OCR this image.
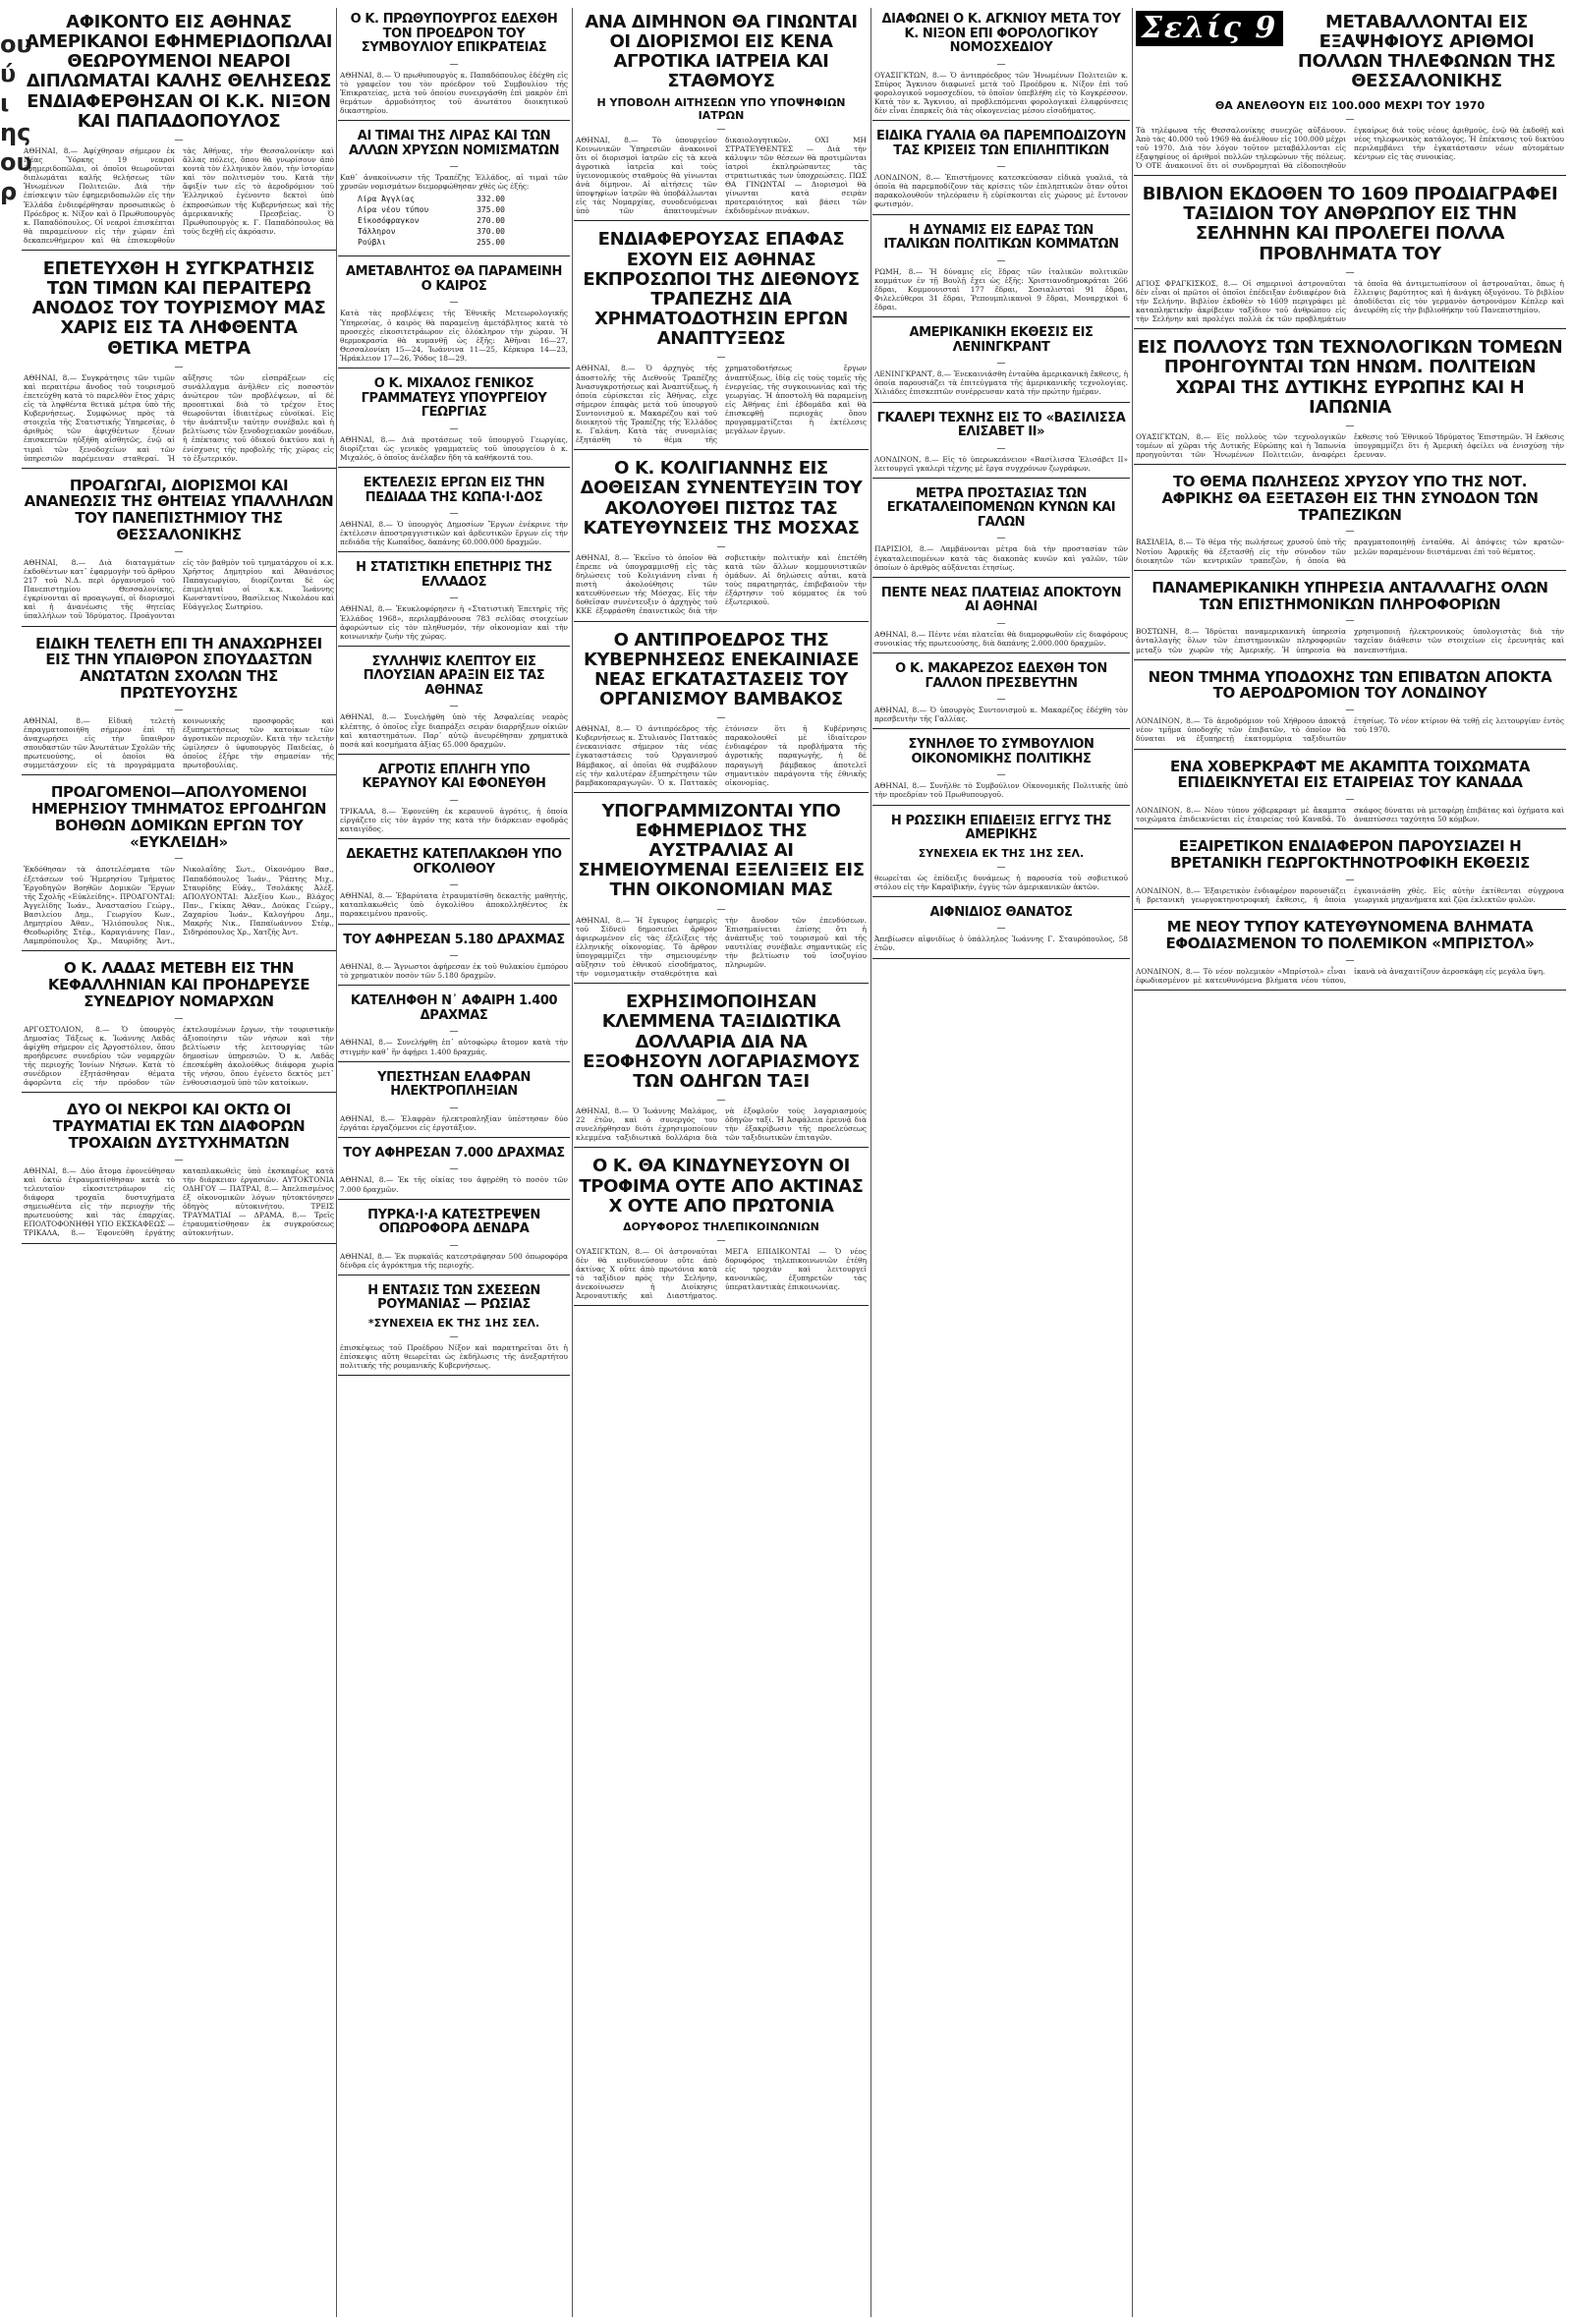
ου
ύ
ι
ης
ου
ρ
ΑΦΙΚΟΝΤΟ ΕΙΣ ΑΘΗΝΑΣ ΑΜΕΡΙΚΑΝΟΙ ΕΦΗΜΕΡΙΔΟΠΩΛΑΙ ΘΕΩΡΟΥΜΕΝΟΙ ΝΕΑΡΟΙ ΔΙΠΛΩΜΑΤΑΙ ΚΑΛΗΣ ΘΕΛΗΣΕΩΣ ΕΝΔΙΑΦΕΡΘΗΣΑΝ ΟΙ Κ.Κ. ΝΙΞΟΝ ΚΑΙ ΠΑΠΑΔΟΠΟΥΛΟΣ
—

ΑΘΗΝΑΙ, 8.— Ἀφίχθησαν σήμερον ἐκ Νέας Ὑόρκης 19 νεαροί ἐφημεριδοπῶλαι, οἱ ὁποῖοι θεωροῦνται διπλωμάται καλῆς θελήσεως τῶν Ἡνωμένων Πολιτειῶν. Διὰ τὴν ἐπίσκεψιν τῶν ἐφημεριδοπωλῶν εἰς τὴν Ἑλλάδα ἐνδιεφέρθησαν προσωπικῶς ὁ Πρόεδρος κ. Νίξον καὶ ὁ Πρωθυπουργὸς κ. Παπαδόπουλος. Οἱ νεαροὶ ἐπισκέπται θὰ παραμείνουν εἰς τὴν χώραν ἐπὶ δεκαπενθήμερον καὶ θὰ ἐπισκεφθοῦν τὰς Ἀθήνας, τὴν Θεσσαλονίκην καὶ ἄλλας πόλεις, ὅπου θὰ γνωρίσουν ἀπὸ κοντὰ τὸν ἑλληνικὸν λαόν, τὴν ἱστορίαν καὶ τὸν πολιτισμὸν του. Κατὰ τὴν ἄφιξίν των εἰς τὸ ἀεροδρόμιον τοῦ Ἑλληνικοῦ ἐγένοντο δεκτοὶ ὑπὸ ἐκπροσώπων τῆς Κυβερνήσεως καὶ τῆς ἀμερικανικῆς Πρεσβείας. Ὁ Πρωθυπουργὸς κ. Γ. Παπαδόπουλος θὰ τοὺς δεχθῇ εἰς ἀκρόασιν.

ΕΠΕΤΕΥΧΘΗ Η ΣΥΓΚΡΑΤΗΣΙΣ ΤΩΝ ΤΙΜΩΝ ΚΑΙ ΠΕΡΑΙΤΕΡΩ ΑΝΟΔΟΣ ΤΟΥ ΤΟΥΡΙΣΜΟΥ ΜΑΣ ΧΑΡΙΣ ΕΙΣ ΤΑ ΛΗΦΘΕΝΤΑ ΘΕΤΙΚΑ ΜΕΤΡΑ
—

ΑΘΗΝΑΙ, 8.— Συγκράτησις τῶν τιμῶν καὶ περαιτέρω ἄνοδος τοῦ τουρισμοῦ ἐπετεύχθη κατὰ τὸ παρελθὸν ἔτος χάρις εἰς τὰ ληφθέντα θετικὰ μέτρα ὑπὸ τῆς Κυβερνήσεως. Συμφώνως πρὸς τὰ στοιχεῖα τῆς Στατιστικῆς Ὑπηρεσίας, ὁ ἀριθμὸς τῶν ἀφιχθέντων ξένων ἐπισκεπτῶν ηὐξήθη αἰσθητῶς, ἐνῷ αἱ τιμαὶ τῶν ξενοδοχείων καὶ τῶν ὑπηρεσιῶν παρέμειναν σταθεραί. Ἡ αὔξησις τῶν εἰσπράξεων εἰς συνάλλαγμα ἀνῆλθεν εἰς ποσοστὸν ἀνώτερον τῶν προβλέψεων, αἱ δὲ προοπτικαὶ διὰ τὸ τρέχον ἔτος θεωροῦνται ἰδιαιτέρως εὐνοϊκαί. Εἰς τὴν ἀνάπτυξιν ταύτην συνέβαλε καὶ ἡ βελτίωσις τῶν ξενοδοχειακῶν μονάδων, ἡ ἐπέκτασις τοῦ ὁδικοῦ δικτύου καὶ ἡ ἐνίσχυσις τῆς προβολῆς τῆς χώρας εἰς τὸ ἐξωτερικόν.

ΠΡΟΑΓΩΓΑΙ, ΔΙΟΡΙΣΜΟΙ ΚΑΙ ΑΝΑΝΕΩΣΙΣ ΤΗΣ ΘΗΤΕΙΑΣ ΥΠΑΛΛΗΛΩΝ ΤΟΥ ΠΑΝΕΠΙΣΤΗΜΙΟΥ ΤΗΣ ΘΕΣΣΑΛΟΝΙΚΗΣ
—

ΑΘΗΝΑΙ, 8.— Διὰ διαταγμάτων ἐκδοθέντων κατ᾽ ἐφαρμογὴν τοῦ ἄρθρου 217 τοῦ Ν.Δ. περὶ ὀργανισμοῦ τοῦ Πανεπιστημίου Θεσσαλονίκης, ἐγκρίνονται αἱ προαγωγαί, οἱ διορισμοὶ καὶ ἡ ἀνανέωσις τῆς θητείας ὑπαλλήλων τοῦ Ἱδρύματος. Προάγονται εἰς τὸν βαθμὸν τοῦ τμηματάρχου οἱ κ.κ. Χρῆστος Δημητρίου καὶ Ἀθανάσιος Παπαγεωργίου, διορίζονται δὲ ὡς ἐπιμεληταὶ οἱ κ.κ. Ἰωάννης Κωνσταντίνου, Βασίλειος Νικολάου καὶ Εὐάγγελος Σωτηρίου.

ΕΙΔΙΚΗ ΤΕΛΕΤΗ ΕΠΙ ΤΗ ΑΝΑΧΩΡΗΣΕΙ ΕΙΣ ΤΗΝ ΥΠΑΙΘΡΟΝ ΣΠΟΥΔΑΣΤΩΝ ΑΝΩΤΑΤΩΝ ΣΧΟΛΩΝ ΤΗΣ ΠΡΩΤΕΥΟΥΣΗΣ
—

ΑΘΗΝΑΙ, 8.— Εἰδικὴ τελετὴ ἐπραγματοποιήθη σήμερον ἐπὶ τῇ ἀναχωρήσει εἰς τὴν ὕπαιθρον σπουδαστῶν τῶν Ἀνωτάτων Σχολῶν τῆς πρωτευούσης, οἱ ὁποῖοι θὰ συμμετάσχουν εἰς τὰ προγράμματα κοινωνικῆς προσφορᾶς καὶ ἐξυπηρετήσεως τῶν κατοίκων τῶν ἀγροτικῶν περιοχῶν. Κατὰ τὴν τελετὴν ὡμίλησεν ὁ ὑφυπουργὸς Παιδείας, ὁ ὁποῖος ἐξῆρε τὴν σημασίαν τῆς πρωτοβουλίας.

ΠΡΟΑΓΟΜΕΝΟΙ—ΑΠΟΛΥΟΜΕΝΟΙ ΗΜΕΡΗΣΙΟΥ ΤΜΗΜΑΤΟΣ ΕΡΓΟΔΗΓΩΝ ΒΟΗΘΩΝ ΔΟΜΙΚΩΝ ΕΡΓΩΝ ΤΟΥ «ΕΥΚΛΕΙΔΗ»
—

Ἐκδόθησαν τὰ ἀποτελέσματα τῶν ἐξετάσεων τοῦ Ἡμερησίου Τμήματος Ἐργοδηγῶν Βοηθῶν Δομικῶν Ἔργων τῆς Σχολῆς «Εὐκλείδης». ΠΡΟΑΓΟΝΤΑΙ: Ἀγγελίδης Ἰωάν., Ἀναστασίου Γεώργ., Βασιλείου Δημ., Γεωργίου Κων., Δημητρίου Ἀθαν., Ἠλιόπουλος Νικ., Θεοδωρίδης Στέφ., Καραγιάννης Παν., Λαμπρόπουλος Χρ., Μαυρίδης Ἀντ., Νικολαΐδης Σωτ., Οἰκονόμου Βασ., Παπαδόπουλος Ἰωάν., Ῥάπτης Μιχ., Σταυρίδης Εὐάγ., Τσολάκης Ἀλέξ. ΑΠΟΛΥΟΝΤΑΙ: Ἀλεξίου Κων., Βλάχος Παν., Γκίκας Ἀθαν., Δούκας Γεώργ., Ζαχαρίου Ἰωάν., Καλογήρου Δημ., Μακρῆς Νικ., Παπαϊωάννου Στέφ., Σιδηρόπουλος Χρ., Χατζῆς Ἀντ.

Ο Κ. ΛΑΔΑΣ ΜΕΤΕΒΗ ΕΙΣ ΤΗΝ ΚΕΦΑΛΛΗΝΙΑΝ ΚΑΙ ΠΡΟΗΔΡΕΥΣΕ ΣΥΝΕΔΡΙΟΥ ΝΟΜΑΡΧΩΝ
—

ΑΡΓΟΣΤΟΛΙΟΝ, 8.— Ὁ ὑπουργὸς Δημοσίας Τάξεως κ. Ἰωάννης Λαδᾶς ἀφίχθη σήμερον εἰς Ἀργοστόλιον, ὅπου προήδρευσε συνεδρίου τῶν νομαρχῶν τῆς περιοχῆς Ἰονίων Νήσων. Κατὰ τὸ συνέδριον ἐξητάσθησαν θέματα ἀφορῶντα εἰς τὴν πρόοδον τῶν ἐκτελουμένων ἔργων, τὴν τουριστικὴν ἀξιοποίησιν τῶν νήσων καὶ τὴν βελτίωσιν τῆς λειτουργίας τῶν δημοσίων ὑπηρεσιῶν. Ὁ κ. Λαδᾶς ἐπεσκέφθη ἀκολούθως διάφορα χωρία τῆς νήσου, ὅπου ἐγένετο δεκτὸς μετ᾽ ἐνθουσιασμοῦ ὑπὸ τῶν κατοίκων.

ΔΥΟ ΟΙ ΝΕΚΡΟΙ ΚΑΙ ΟΚΤΩ ΟΙ ΤΡΑΥΜΑΤΙΑΙ ΕΚ ΤΩΝ ΔΙΑΦΟΡΩΝ ΤΡΟΧΑΙΩΝ ΔΥΣΤΥΧΗΜΑΤΩΝ
—

ΑΘΗΝΑΙ, 8.— Δύο ἄτομα ἐφονεύθησαν καὶ ὀκτὼ ἐτραυματίσθησαν κατὰ τὸ τελευταῖον εἰκοσιτετράωρον εἰς διάφορα τροχαῖα δυστυχήματα σημειωθέντα εἰς τὴν περιοχὴν τῆς πρωτευούσης καὶ τὰς ἐπαρχίας. ΕΠΟΛΤΟΦΟΝΗΘΗ ΥΠΟ ΕΚΣΚΑΦΕΩΣ — ΤΡΙΚΑΛΑ, 8.— Ἐφονεύθη ἐργάτης καταπλακωθεὶς ὑπὸ ἐκσκαφέως κατὰ τὴν διάρκειαν ἐργασιῶν. ΑΥΤΟΚΤΟΝΙΑ ΟΔΗΓΟΥ — ΠΑΤΡΑΙ, 8.— Ἀπελπισμένος ἐξ οἰκονομικῶν λόγων ηὐτοκτόνησεν ὁδηγὸς αὐτοκινήτου. ΤΡΕΙΣ ΤΡΑΥΜΑΤΙΑΙ — ΔΡΑΜΑ, 8.— Τρεῖς ἐτραυματίσθησαν ἐκ συγκρούσεως αὐτοκινήτων.

Ο Κ. ΠΡΩΘΥΠΟΥΡΓΟΣ ΕΔΕΧΘΗ ΤΟΝ ΠΡΟΕΔΡΟΝ ΤΟΥ ΣΥΜΒΟΥΛΙΟΥ ΕΠΙΚΡΑΤΕΙΑΣ
—

ΑΘΗΝΑΙ, 8.— Ὁ πρωθυπουργὸς κ. Παπαδόπουλος ἐδέχθη εἰς τὸ γραφεῖον του τὸν πρόεδρον τοῦ Συμβουλίου τῆς Ἐπικρατείας, μετὰ τοῦ ὁποίου συνειργάσθη ἐπὶ μακρὸν ἐπὶ θεμάτων ἀρμοδιότητος τοῦ ἀνωτάτου διοικητικοῦ δικαστηρίου.

ΑΙ ΤΙΜΑΙ ΤΗΣ ΛΙΡΑΣ ΚΑΙ ΤΩΝ ΑΛΛΩΝ ΧΡΥΣΩΝ ΝΟΜΙΣΜΑΤΩΝ
—

Καθ᾽ ἀνακοίνωσιν τῆς Τραπέζης Ἑλλάδος, αἱ τιμαὶ τῶν χρυσῶν νομισμάτων διεμορφώθησαν χθὲς ὡς ἑξῆς:

Λίρα Ἀγγλίας	332.00
Λίρα νέου τύπου	375.00
Εἰκοσόφραγκον	270.00
Τάλληρον	370.00
Ρούβλι	255.00
ΑΜΕΤΑΒΛΗΤΟΣ ΘΑ ΠΑΡΑΜΕΙΝΗ Ο ΚΑΙΡΟΣ
—

Κατὰ τὰς προβλέψεις τῆς Ἐθνικῆς Μετεωρολογικῆς Ὑπηρεσίας, ὁ καιρὸς θὰ παραμείνῃ ἀμετάβλητος κατὰ τὸ προσεχὲς εἰκοσιτετράωρον εἰς ὁλόκληρον τὴν χώραν. Ἡ θερμοκρασία θὰ κυμανθῇ ὡς ἑξῆς: Ἀθῆναι 16—27, Θεσσαλονίκη 15—24, Ἰωάννινα 11—25, Κέρκυρα 14—23, Ἡράκλειον 17—26, Ῥόδος 18—29.

Ο Κ. ΜΙΧΑΛΟΣ ΓΕΝΙΚΟΣ ΓΡΑΜΜΑΤΕΥΣ ΥΠΟΥΡΓΕΙΟΥ ΓΕΩΡΓΙΑΣ
—

ΑΘΗΝΑΙ, 8.— Διὰ προτάσεως τοῦ ὑπουργοῦ Γεωργίας, διορίζεται ὡς γενικὸς γραμματεὺς τοῦ ὑπουργείου ὁ κ. Μιχαλός, ὁ ὁποῖος ἀνέλαβεν ἤδη τὰ καθήκοντά του.

ΕΚΤΕΛΕΣΙΣ ΕΡΓΩΝ ΕΙΣ ΤΗΝ ΠΕΔΙΑΔΑ ΤΗΣ ΚΩΠΑ·Ι·ΔΟΣ
—

ΑΘΗΝΑΙ, 8.— Ὁ ὑπουργὸς Δημοσίων Ἔργων ἐνέκρινε τὴν ἐκτέλεσιν ἀποστραγγιστικῶν καὶ ἀρδευτικῶν ἔργων εἰς τὴν πεδιάδα τῆς Κωπαΐδος, δαπάνης 60.000.000 δραχμῶν.

Η ΣΤΑΤΙΣΤΙΚΗ ΕΠΕΤΗΡΙΣ ΤΗΣ ΕΛΛΑΔΟΣ
—

ΑΘΗΝΑΙ, 8.— Ἐκυκλοφόρησεν ἡ «Στατιστικὴ Ἐπετηρὶς τῆς Ἑλλάδος 1968», περιλαμβάνουσα 783 σελίδας στοιχείων ἀφορώντων εἰς τὸν πληθυσμόν, τὴν οἰκονομίαν καὶ τὴν κοινωνικὴν ζωὴν τῆς χώρας.

ΣΥΛΛΗΨΙΣ ΚΛΕΠΤΟΥ ΕΙΣ ΠΛΟΥΣΙΑΝ ΑΡΑΞΙΝ ΕΙΣ ΤΑΣ ΑΘΗΝΑΣ
—

ΑΘΗΝΑΙ, 8.— Συνελήφθη ὑπὸ τῆς Ἀσφαλείας νεαρὸς κλέπτης, ὁ ὁποῖος εἶχε διαπράξει σειρὰν διαρρήξεων οἰκιῶν καὶ καταστημάτων. Παρ᾽ αὐτῷ ἀνευρέθησαν χρηματικὰ ποσὰ καὶ κοσμήματα ἀξίας 65.000 δραχμῶν.

ΑΓΡΟΤΙΣ ΕΠΛΗΓΗ ΥΠΟ ΚΕΡΑΥΝΟΥ ΚΑΙ ΕΦΟΝΕΥΘΗ
—

ΤΡΙΚΑΛΑ, 8.— Ἐφονεύθη ἐκ κεραυνοῦ ἀγρότις, ἡ ὁποία εἰργάζετο εἰς τὸν ἀγρόν της κατὰ τὴν διάρκειαν σφοδρᾶς καταιγίδος.

ΔΕΚΑΕΤΗΣ ΚΑΤΕΠΛΑΚΩΘΗ ΥΠΟ ΟΓΚΟΛΙΘΟΥ
—

ΑΘΗΝΑΙ, 8.— Ἐβαρύτατα ἐτραυματίσθη δεκαετὴς μαθητής, καταπλακωθεὶς ὑπὸ ὀγκολίθου ἀποκολληθέντος ἐκ παρακειμένου πρανοῦς.

ΤΟΥ ΑΦΗΡΕΣΑΝ 5.180 ΔΡΑΧΜΑΣ
—

ΑΘΗΝΑΙ, 8.— Ἄγνωστοι ἀφήρεσαν ἐκ τοῦ θυλακίου ἐμπόρου τὸ χρηματικὸν ποσὸν τῶν 5.180 δραχμῶν.

ΚΑΤΕΛΗΦΘΗ Ν᾽ ΑΦΑΙΡΗ 1.400 ΔΡΑΧΜΑΣ
—

ΑΘΗΝΑΙ, 8.— Συνελήφθη ἐπ᾽ αὐτοφώρῳ ἄτομον κατὰ τὴν στιγμὴν καθ᾽ ἣν ἀφῄρει 1.400 δραχμάς.

ΥΠΕΣΤΗΣΑΝ ΕΛΑΦΡΑΝ ΗΛΕΚΤΡΟΠΛΗΞΙΑΝ
—

ΑΘΗΝΑΙ, 8.— Ἐλαφρὰν ἠλεκτροπληξίαν ὑπέστησαν δύο ἐργάται ἐργαζόμενοι εἰς ἐργοτάξιον.

ΤΟΥ ΑΦΗΡΕΣΑΝ 7.000 ΔΡΑΧΜΑΣ
—

ΑΘΗΝΑΙ, 8.— Ἐκ τῆς οἰκίας του ἀφῃρέθη τὸ ποσὸν τῶν 7.000 δραχμῶν.

ΠΥΡΚΑ·Ι·Α ΚΑΤΕΣΤΡΕΨΕΝ ΟΠΩΡΟΦΟΡΑ ΔΕΝΔΡΑ
—

ΑΘΗΝΑΙ, 8.— Ἐκ πυρκαϊᾶς κατεστράφησαν 500 ὀπωροφόρα δένδρα εἰς ἀγρόκτημα τῆς περιοχῆς.

Η ΕΝΤΑΣΙΣ ΤΩΝ ΣΧΕΣΕΩΝ ΡΟΥΜΑΝΙΑΣ — ΡΩΣΙΑΣ
*ΣΥΝΕΧΕΙΑ ΕΚ ΤΗΣ 1ΗΣ ΣΕΛ.
—

ἐπισκέψεως τοῦ Προέδρου Νίξον καὶ παρατηρεῖται ὅτι ἡ ἐπίσκεψις αὕτη θεωρεῖται ὡς ἐκδήλωσις τῆς ἀνεξαρτήτου πολιτικῆς τῆς ρουμανικῆς Κυβερνήσεως.

ΑΝΑ ΔΙΜΗΝΟΝ ΘΑ ΓΙΝΩΝΤΑΙ ΟΙ ΔΙΟΡΙΣΜΟΙ ΕΙΣ ΚΕΝΑ ΑΓΡΟΤΙΚΑ ΙΑΤΡΕΙΑ ΚΑΙ ΣΤΑΘΜΟΥΣ
Η ΥΠΟΒΟΛΗ ΑΙΤΗΣΕΩΝ ΥΠΟ ΥΠΟΨΗΦΙΩΝ ΙΑΤΡΩΝ
—

ΑΘΗΝΑΙ, 8.— Τὸ ὑπουργεῖον Κοινωνικῶν Ὑπηρεσιῶν ἀνακοινοῖ ὅτι οἱ διορισμοὶ ἰατρῶν εἰς τὰ κενὰ ἀγροτικὰ ἰατρεῖα καὶ τοὺς ὑγειονομικοὺς σταθμοὺς θὰ γίνωνται ἀνὰ δίμηνον. Αἱ αἰτήσεις τῶν ὑποψηφίων ἰατρῶν θὰ ὑποβάλλωνται εἰς τὰς Νομαρχίας, συνοδευόμεναι ὑπὸ τῶν ἀπαιτουμένων δικαιολογητικῶν. ΟΧΙ ΜΗ ΣΤΡΑΤΕΥΘΕΝΤΕΣ — Διὰ τὴν κάλυψιν τῶν θέσεων θὰ προτιμῶνται ἰατροὶ ἐκπληρώσαντες τὰς στρατιωτικάς των ὑποχρεώσεις. ΠΩΣ ΘΑ ΓΙΝΩΝΤΑΙ — Διορισμοὶ θὰ γίνωνται κατὰ σειρὰν προτεραιότητος καὶ βάσει τῶν ἐκδιδομένων πινάκων.

ΕΝΔΙΑΦΕΡΟΥΣΑΣ ΕΠΑΦΑΣ ΕΧΟΥΝ ΕΙΣ ΑΘΗΝΑΣ ΕΚΠΡΟΣΩΠΟΙ ΤΗΣ ΔΙΕΘΝΟΥΣ ΤΡΑΠΕΖΗΣ ΔΙΑ ΧΡΗΜΑΤΟΔΟΤΗΣΙΝ ΕΡΓΩΝ ΑΝΑΠΤΥΞΕΩΣ
—

ΑΘΗΝΑΙ, 8.— Ὁ ἀρχηγὸς τῆς ἀποστολῆς τῆς Διεθνοῦς Τραπέζης Ἀνασυγκροτήσεως καὶ Ἀναπτύξεως, ἡ ὁποία εὑρίσκεται εἰς Ἀθήνας, εἶχε σήμερον ἐπαφὰς μετὰ τοῦ ὑπουργοῦ Συντονισμοῦ κ. Μακαρέζου καὶ τοῦ διοικητοῦ τῆς Τραπέζης τῆς Ἑλλάδος κ. Γαλάνη. Κατὰ τὰς συνομιλίας ἐξητάσθη τὸ θέμα τῆς χρηματοδοτήσεως ἔργων ἀναπτύξεως, ἰδίᾳ εἰς τοὺς τομεῖς τῆς ἐνεργείας, τῆς συγκοινωνίας καὶ τῆς γεωργίας. Ἡ ἀποστολὴ θὰ παραμείνῃ εἰς Ἀθήνας ἐπὶ ἑβδομάδα καὶ θὰ ἐπισκεφθῇ περιοχὰς ὅπου προγραμματίζεται ἡ ἐκτέλεσις μεγάλων ἔργων.

Ο Κ. ΚΟΛΙΓΙΑΝΝΗΣ ΕΙΣ ΔΟΘΕΙΣΑΝ ΣΥΝΕΝΤΕΥΞΙΝ ΤΟΥ ΑΚΟΛΟΥΘΕΙ ΠΙΣΤΩΣ ΤΑΣ ΚΑΤΕΥΘΥΝΣΕΙΣ ΤΗΣ ΜΟΣΧΑΣ
—

ΑΘΗΝΑΙ, 8.— Ἐκεῖνο τὸ ὁποῖον θὰ ἔπρεπε νὰ ὑπογραμμισθῇ εἰς τὰς δηλώσεις τοῦ Κολιγιάννη εἶναι ἡ πιστὴ ἀκολούθησις τῶν κατευθύνσεων τῆς Μόσχας. Εἰς τὴν δοθεῖσαν συνέντευξιν ὁ ἀρχηγὸς τοῦ ΚΚΕ ἐξεφράσθη ἐπαινετικῶς διὰ τὴν σοβιετικὴν πολιτικὴν καὶ ἐπετέθη κατὰ τῶν ἄλλων κομμουνιστικῶν ὁμάδων. Αἱ δηλώσεις αὗται, κατὰ τοὺς παρατηρητάς, ἐπιβεβαιοῦν τὴν ἐξάρτησιν τοῦ κόμματος ἐκ τοῦ ἐξωτερικοῦ.

Ο ΑΝΤΙΠΡΟΕΔΡΟΣ ΤΗΣ ΚΥΒΕΡΝΗΣΕΩΣ ΕΝΕΚΑΙΝΙΑΣΕ ΝΕΑΣ ΕΓΚΑΤΑΣΤΑΣΕΙΣ ΤΟΥ ΟΡΓΑΝΙΣΜΟΥ ΒΑΜΒΑΚΟΣ
—

ΑΘΗΝΑΙ, 8.— Ὁ ἀντιπρόεδρος τῆς Κυβερνήσεως κ. Στυλιανὸς Παττακὸς ἐνεκαινίασε σήμερον τὰς νέας ἐγκαταστάσεις τοῦ Ὀργανισμοῦ Βάμβακος, αἱ ὁποῖαι θὰ συμβάλουν εἰς τὴν καλυτέραν ἐξυπηρέτησιν τῶν βαμβακοπαραγωγῶν. Ὁ κ. Παττακὸς ἐτόνισεν ὅτι ἡ Κυβέρνησις παρακολουθεῖ μὲ ἰδιαίτερον ἐνδιαφέρον τὰ προβλήματα τῆς ἀγροτικῆς παραγωγῆς, ἡ δὲ παραγωγὴ βάμβακος ἀποτελεῖ σημαντικὸν παράγοντα τῆς ἐθνικῆς οἰκονομίας.

ΥΠΟΓΡΑΜΜΙΖΟΝΤΑΙ ΥΠΟ ΕΦΗΜΕΡΙΔΟΣ ΤΗΣ ΑΥΣΤΡΑΛΙΑΣ ΑΙ ΣΗΜΕΙΟΥΜΕΝΑΙ ΕΞΕΛΙΞΕΙΣ ΕΙΣ ΤΗΝ ΟΙΚΟΝΟΜΙΑΝ ΜΑΣ
—

ΑΘΗΝΑΙ, 8.— Ἡ ἔγκυρος ἐφημερὶς τοῦ Σίδνεϋ δημοσιεύει ἄρθρον ἀφιερωμένον εἰς τὰς ἐξελίξεις τῆς ἑλληνικῆς οἰκονομίας. Τὸ ἄρθρον ὑπογραμμίζει τὴν σημειουμένην αὔξησιν τοῦ ἐθνικοῦ εἰσοδήματος, τὴν νομισματικὴν σταθερότητα καὶ τὴν ἄνοδον τῶν ἐπενδύσεων. Ἐπισημαίνεται ἐπίσης ὅτι ἡ ἀνάπτυξις τοῦ τουρισμοῦ καὶ τῆς ναυτιλίας συνέβαλε σημαντικῶς εἰς τὴν βελτίωσιν τοῦ ἰσοζυγίου πληρωμῶν.

ΕΧΡΗΣΙΜΟΠΟΙΗΣΑΝ ΚΛΕΜΜΕΝΑ ΤΑΞΙΔΙΩΤΙΚΑ ΔΟΛΛΑΡΙΑ ΔΙΑ ΝΑ ΕΞΟΦΗΣΟΥΝ ΛΟΓΑΡΙΑΣΜΟΥΣ ΤΩΝ ΟΔΗΓΩΝ ΤΑΞΙ
—

ΑΘΗΝΑΙ, 8.— Ὁ Ἰωάννης Μαλάμος, 22 ἐτῶν, καὶ ὁ συνεργός του συνελήφθησαν διότι ἐχρησιμοποίουν κλεμμένα ταξιδιωτικὰ δολλάρια διὰ νὰ ἐξοφλοῦν τοὺς λογαριασμοὺς ὁδηγῶν ταξί. Ἡ Ἀσφάλεια ἐρευνᾷ διὰ τὴν ἐξακρίβωσιν τῆς προελεύσεως τῶν ταξιδιωτικῶν ἐπιταγῶν.

Ο Κ. ΘΑ ΚΙΝΔΥΝΕΥΣΟΥΝ ΟΙ ΤΡΟΦΙΜΑ ΟΥΤΕ ΑΠΟ ΑΚΤΙΝΑΣ Χ ΟΥΤΕ ΑΠΟ ΠΡΩΤΟΝΙΑ
ΔΟΡΥΦΟΡΟΣ ΤΗΛΕΠΙΚΟΙΝΩΝΙΩΝ
—

ΟΥΑΣΙΓΚΤΩΝ, 8.— Οἱ ἀστροναῦται δὲν θὰ κινδυνεύσουν οὔτε ἀπὸ ἀκτίνας Χ οὔτε ἀπὸ πρωτόνια κατὰ τὸ ταξίδιον πρὸς τὴν Σελήνην, ἀνεκοίνωσεν ἡ Διοίκησις Ἀεροναυτικῆς καὶ Διαστήματος. ΜΕΓΑ ΕΠΙΔΙΚΟΝΤΑΙ — Ὁ νέος δορυφόρος τηλεπικοινωνιῶν ἐτέθη εἰς τροχιὰν καὶ λειτουργεῖ κανονικῶς, ἐξυπηρετῶν τὰς ὑπερατλαντικὰς ἐπικοινωνίας.

ΔΙΑΦΩΝΕΙ Ο Κ. ΑΓΚΝΙΟΥ ΜΕΤΑ ΤΟΥ Κ. ΝΙΞΟΝ ΕΠΙ ΦΟΡΟΛΟΓΙΚΟΥ ΝΟΜΟΣΧΕΔΙΟΥ
—

ΟΥΑΣΙΓΚΤΩΝ, 8.— Ὁ ἀντιπρόεδρος τῶν Ἡνωμένων Πολιτειῶν κ. Σπύρος Ἄγκνιου διαφωνεῖ μετὰ τοῦ Προέδρου κ. Νίξον ἐπὶ τοῦ φορολογικοῦ νομοσχεδίου, τὸ ὁποῖον ὑπεβλήθη εἰς τὸ Κογκρέσσον. Κατὰ τὸν κ. Ἄγκνιου, αἱ προβλεπόμεναι φορολογικαὶ ἐλαφρύνσεις δὲν εἶναι ἐπαρκεῖς διὰ τὰς οἰκογενείας μέσου εἰσοδήματος.

ΕΙΔΙΚΑ ΓΥΑΛΙΑ ΘΑ ΠΑΡΕΜΠΟΔΙΖΟΥΝ ΤΑΣ ΚΡΙΣΕΙΣ ΤΩΝ ΕΠΙΛΗΠΤΙΚΩΝ
—

ΛΟΝΔΙΝΟΝ, 8.— Ἐπιστήμονες κατεσκεύασαν εἰδικὰ γυαλιά, τὰ ὁποῖα θὰ παρεμποδίζουν τὰς κρίσεις τῶν ἐπιληπτικῶν ὅταν οὗτοι παρακολουθοῦν τηλεόρασιν ἢ εὑρίσκονται εἰς χώρους μὲ ἔντονον φωτισμόν.

Η ΔΥΝΑΜΙΣ ΕΙΣ ΕΔΡΑΣ ΤΩΝ ΙΤΑΛΙΚΩΝ ΠΟΛΙΤΙΚΩΝ ΚΟΜΜΑΤΩΝ
—

ΡΩΜΗ, 8.— Ἡ δύναμις εἰς ἕδρας τῶν ἰταλικῶν πολιτικῶν κομμάτων ἐν τῇ Βουλῇ ἔχει ὡς ἑξῆς: Χριστιανοδημοκράται 266 ἕδραι, Κομμουνισταὶ 177 ἕδραι, Σοσιαλισταὶ 91 ἕδραι, Φιλελεύθεροι 31 ἕδραι, Ῥεπουμπλικανοὶ 9 ἕδραι, Μοναρχικοὶ 6 ἕδραι.

ΑΜΕΡΙΚΑΝΙΚΗ ΕΚΘΕΣΙΣ ΕΙΣ ΛΕΝΙΝΓΚΡΑΝΤ
—

ΛΕΝΙΝΓΚΡΑΝΤ, 8.— Ἐνεκαινιάσθη ἐνταῦθα ἀμερικανικὴ ἔκθεσις, ἡ ὁποία παρουσιάζει τὰ ἐπιτεύγματα τῆς ἀμερικανικῆς τεχνολογίας. Χιλιάδες ἐπισκεπτῶν συνέρρευσαν κατὰ τὴν πρώτην ἡμέραν.

ΓΚΑΛΕΡΙ ΤΕΧΝΗΣ ΕΙΣ ΤΟ «ΒΑΣΙΛΙΣΣΑ ΕΛΙΣΑΒΕΤ ΙΙ»
—

ΛΟΝΔΙΝΟΝ, 8.— Εἰς τὸ ὑπερωκεάνειον «Βασίλισσα Ἐλισάβετ ΙΙ» λειτουργεῖ γκαλερὶ τέχνης μὲ ἔργα συγχρόνων ζωγράφων.

ΜΕΤΡΑ ΠΡΟΣΤΑΣΙΑΣ ΤΩΝ ΕΓΚΑΤΑΛΕΙΠΟΜΕΝΩΝ ΚΥΝΩΝ ΚΑΙ ΓΑΛΩΝ
—

ΠΑΡΙΣΙΟΙ, 8.— Λαμβάνονται μέτρα διὰ τὴν προστασίαν τῶν ἐγκαταλειπομένων κατὰ τὰς διακοπὰς κυνῶν καὶ γαλῶν, τῶν ὁποίων ὁ ἀριθμὸς αὐξάνεται ἐτησίως.

ΠΕΝΤΕ ΝΕΑΣ ΠΛΑΤΕΙΑΣ ΑΠΟΚΤΟΥΝ ΑΙ ΑΘΗΝΑΙ
—

ΑΘΗΝΑΙ, 8.— Πέντε νέαι πλατεῖαι θὰ διαμορφωθοῦν εἰς διαφόρους συνοικίας τῆς πρωτευούσης, διὰ δαπάνης 2.000.000 δραχμῶν.

Ο Κ. ΜΑΚΑΡΕΖΟΣ ΕΔΕΧΘΗ ΤΟΝ ΓΑΛΛΟΝ ΠΡΕΣΒΕΥΤΗΝ
—

ΑΘΗΝΑΙ, 8.— Ὁ ὑπουργὸς Συντονισμοῦ κ. Μακαρέζος ἐδέχθη τὸν πρεσβευτὴν τῆς Γαλλίας.

ΣΥΝΗΛΘΕ ΤΟ ΣΥΜΒΟΥΛΙΟΝ ΟΙΚΟΝΟΜΙΚΗΣ ΠΟΛΙΤΙΚΗΣ
—

ΑΘΗΝΑΙ, 8.— Συνῆλθε τὸ Συμβούλιον Οἰκονομικῆς Πολιτικῆς ὑπὸ τὴν προεδρίαν τοῦ Πρωθυπουργοῦ.

Η ΡΩΣΣΙΚΗ ΕΠΙΔΕΙΞΙΣ ΕΓΓΥΣ ΤΗΣ ΑΜΕΡΙΚΗΣ
ΣΥΝΕΧΕΙΑ ΕΚ ΤΗΣ 1ΗΣ ΣΕΛ.
—

θεωρεῖται ὡς ἐπίδειξις δυνάμεως ἡ παρουσία τοῦ σοβιετικοῦ στόλου εἰς τὴν Καραϊβικήν, ἐγγὺς τῶν ἀμερικανικῶν ἀκτῶν.

ΑΙΦΝΙΔΙΟΣ ΘΑΝΑΤΟΣ
—

Ἀπεβίωσεν αἰφνιδίως ὁ ὑπάλληλος Ἰωάννης Γ. Σταυρόπουλος, 58 ἐτῶν.

Σελίς 9	ΜΕΤΑΒΑΛΛΟΝΤΑΙ ΕΙΣ ΕΞΑΨΗΦΙΟΥΣ ΑΡΙΘΜΟΙ ΠΟΛΛΩΝ ΤΗΛΕΦΩΝΩΝ ΤΗΣ ΘΕΣΣΑΛΟΝΙΚΗΣ
ΘΑ ΑΝΕΛΘΟΥΝ ΕΙΣ 100.000 ΜΕΧΡΙ ΤΟΥ 1970
—

Τὰ τηλέφωνα τῆς Θεσσαλονίκης συνεχῶς αὐξάνουν. Ἀπὸ τὰς 40.000 τοῦ 1969 θὰ ἀνέλθουν εἰς 100.000 μέχρι τοῦ 1970. Διὰ τὸν λόγον τοῦτον μεταβάλλονται εἰς ἑξαψηφίους οἱ ἀριθμοὶ πολλῶν τηλεφώνων τῆς πόλεως. Ὁ ΟΤΕ ἀνακοινοῖ ὅτι οἱ συνδρομηταὶ θὰ εἰδοποιηθοῦν ἐγκαίρως διὰ τοὺς νέους ἀριθμούς, ἐνῷ θὰ ἐκδοθῇ καὶ νέος τηλεφωνικὸς κατάλογος. Ἡ ἐπέκτασις τοῦ δικτύου περιλαμβάνει τὴν ἐγκατάστασιν νέων αὐτομάτων κέντρων εἰς τὰς συνοικίας.

ΒΙΒΛΙΟΝ ΕΚΔΟΘΕΝ ΤΟ 1609 ΠΡΟΔΙΑΓΡΑΦΕΙ ΤΑΞΙΔΙΟΝ ΤΟΥ ΑΝΘΡΩΠΟΥ ΕΙΣ ΤΗΝ ΣΕΛΗΝΗΝ ΚΑΙ ΠΡΟΛΕΓΕΙ ΠΟΛΛΑ ΠΡΟΒΛΗΜΑΤΑ ΤΟΥ
—

ΑΓΙΟΣ ΦΡΑΓΚΙΣΚΟΣ, 8.— Οἱ σημερινοὶ ἀστροναῦται δὲν εἶναι οἱ πρῶτοι οἱ ὁποῖοι ἐπέδειξαν ἐνδιαφέρον διὰ τὴν Σελήνην. Βιβλίον ἐκδοθὲν τὸ 1609 περιγράφει μὲ καταπληκτικὴν ἀκρίβειαν ταξίδιον τοῦ ἀνθρώπου εἰς τὴν Σελήνην καὶ προλέγει πολλὰ ἐκ τῶν προβλημάτων τὰ ὁποῖα θὰ ἀντιμετωπίσουν οἱ ἀστροναῦται, ὅπως ἡ ἔλλειψις βαρύτητος καὶ ἡ ἀνάγκη ὀξυγόνου. Τὸ βιβλίον ἀποδίδεται εἰς τὸν γερμανὸν ἀστρονόμον Κέπλερ καὶ ἀνευρέθη εἰς τὴν βιβλιοθήκην τοῦ Πανεπιστημίου.

ΕΙΣ ΠΟΛΛΟΥΣ ΤΩΝ ΤΕΧΝΟΛΟΓΙΚΩΝ ΤΟΜΕΩΝ ΠΡΟΗΓΟΥΝΤΑΙ ΤΩΝ ΗΝΩΜ. ΠΟΛΙΤΕΙΩΝ ΧΩΡΑΙ ΤΗΣ ΔΥΤΙΚΗΣ ΕΥΡΩΠΗΣ ΚΑΙ Η ΙΑΠΩΝΙΑ
—

ΟΥΑΣΙΓΚΤΩΝ, 8.— Εἰς πολλοὺς τῶν τεχνολογικῶν τομέων αἱ χῶραι τῆς Δυτικῆς Εὐρώπης καὶ ἡ Ἰαπωνία προηγοῦνται τῶν Ἡνωμένων Πολιτειῶν, ἀναφέρει ἔκθεσις τοῦ Ἐθνικοῦ Ἱδρύματος Ἐπιστημῶν. Ἡ ἔκθεσις ὑπογραμμίζει ὅτι ἡ Ἀμερικὴ ὀφείλει νὰ ἐνισχύσῃ τὴν ἔρευναν.

ΤΟ ΘΕΜΑ ΠΩΛΗΣΕΩΣ ΧΡΥΣΟΥ ΥΠΟ ΤΗΣ ΝΟΤ. ΑΦΡΙΚΗΣ ΘΑ ΕΞΕΤΑΣΘΗ ΕΙΣ ΤΗΝ ΣΥΝΟΔΟΝ ΤΩΝ ΤΡΑΠΕΖΙΚΩΝ
—

ΒΑΣΙΛΕΙΑ, 8.— Τὸ θέμα τῆς πωλήσεως χρυσοῦ ὑπὸ τῆς Νοτίου Ἀφρικῆς θὰ ἐξετασθῇ εἰς τὴν σύνοδον τῶν διοικητῶν τῶν κεντρικῶν τραπεζῶν, ἡ ὁποία θὰ πραγματοποιηθῇ ἐνταῦθα. Αἱ ἀπόψεις τῶν κρατῶν-μελῶν παραμένουν διιστάμεναι ἐπὶ τοῦ θέματος.

ΠΑΝΑΜΕΡΙΚΑΝΙΚΗ ΥΠΗΡΕΣΙΑ ΑΝΤΑΛΛΑΓΗΣ ΟΛΩΝ ΤΩΝ ΕΠΙΣΤΗΜΟΝΙΚΩΝ ΠΛΗΡΟΦΟΡΙΩΝ
—

ΒΟΣΤΩΝΗ, 8.— Ἱδρύεται παναμερικανικὴ ὑπηρεσία ἀνταλλαγῆς ὅλων τῶν ἐπιστημονικῶν πληροφοριῶν μεταξὺ τῶν χωρῶν τῆς Ἀμερικῆς. Ἡ ὑπηρεσία θὰ χρησιμοποιῇ ἠλεκτρονικοὺς ὑπολογιστὰς διὰ τὴν ταχεῖαν διάθεσιν τῶν στοιχείων εἰς ἐρευνητὰς καὶ πανεπιστήμια.

ΝΕΟΝ ΤΜΗΜΑ ΥΠΟΔΟΧΗΣ ΤΩΝ ΕΠΙΒΑΤΩΝ ΑΠΟΚΤΑ ΤΟ ΑΕΡΟΔΡΟΜΙΟΝ ΤΟΥ ΛΟΝΔΙΝΟΥ
—

ΛΟΝΔΙΝΟΝ, 8.— Τὸ ἀεροδρόμιον τοῦ Χήθροου ἀποκτᾷ νέον τμῆμα ὑποδοχῆς τῶν ἐπιβατῶν, τὸ ὁποῖον θὰ δύναται νὰ ἐξυπηρετῇ ἑκατομμύρια ταξιδιωτῶν ἐτησίως. Τὸ νέον κτίριον θὰ τεθῇ εἰς λειτουργίαν ἐντὸς τοῦ 1970.

ΕΝΑ ΧΟΒΕΡΚΡΑΦΤ ΜΕ ΑΚΑΜΠΤΑ ΤΟΙΧΩΜΑΤΑ ΕΠΙΔΕΙΚΝΥΕΤΑΙ ΕΙΣ ΕΤΑΙΡΕΙΑΣ ΤΟΥ ΚΑΝΑΔΑ
—

ΛΟΝΔΙΝΟΝ, 8.— Νέου τύπου χόβερκραφτ μὲ ἄκαμπτα τοιχώματα ἐπιδεικνύεται εἰς ἑταιρείας τοῦ Καναδᾶ. Τὸ σκάφος δύναται νὰ μεταφέρῃ ἐπιβάτας καὶ ὀχήματα καὶ ἀναπτύσσει ταχύτητα 50 κόμβων.

ΕΞΑΙΡΕΤΙΚΟΝ ΕΝΔΙΑΦΕΡΟΝ ΠΑΡΟΥΣΙΑΖΕΙ Η ΒΡΕΤΑΝΙΚΗ ΓΕΩΡΓΟΚΤΗΝΟΤΡΟΦΙΚΗ ΕΚΘΕΣΙΣ
—

ΛΟΝΔΙΝΟΝ, 8.— Ἐξαιρετικὸν ἐνδιαφέρον παρουσιάζει ἡ βρετανικὴ γεωργοκτηνοτροφικὴ ἔκθεσις, ἡ ὁποία ἐγκαινιάσθη χθές. Εἰς αὐτὴν ἐκτίθενται σύγχρονα γεωργικὰ μηχανήματα καὶ ζῷα ἐκλεκτῶν φυλῶν.

ΜΕ ΝΕΟΥ ΤΥΠΟΥ ΚΑΤΕΥΘΥΝΟΜΕΝΑ ΒΛΗΜΑΤΑ ΕΦΟΔΙΑΣΜΕΝΟΝ ΤΟ ΠΟΛΕΜΙΚΟΝ «ΜΠΡΙΣΤΟΛ»
—

ΛΟΝΔΙΝΟΝ, 8.— Τὸ νέον πολεμικὸν «Μπρίστολ» εἶναι ἐφωδιασμένον μὲ κατευθυνόμενα βλήματα νέου τύπου, ἱκανὰ νὰ ἀναχαιτίζουν ἀεροσκάφη εἰς μεγάλα ὕψη.
